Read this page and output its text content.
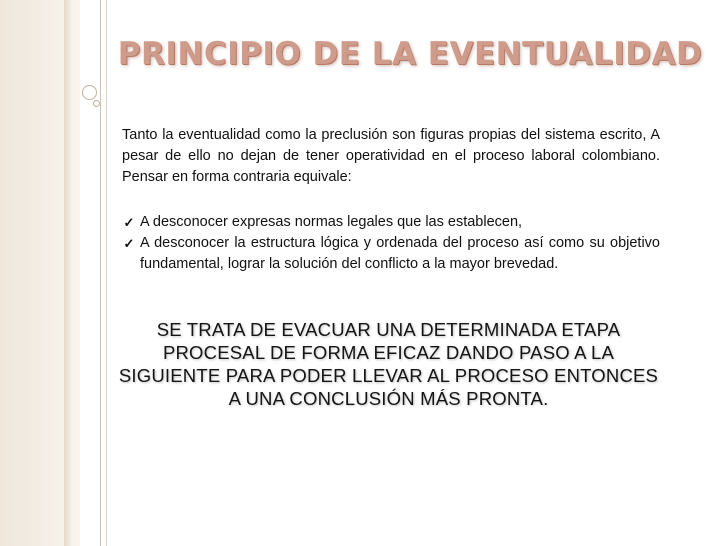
PRINCIPIO DE LA EVENTUALIDAD
Tanto la eventualidad como la preclusión son figuras propias del sistema escrito, A pesar de ello no dejan de tener operatividad en el proceso laboral colombiano. Pensar en forma contraria equivale:
✓ A desconocer expresas normas legales que las establecen,
✓ A desconocer la estructura lógica y ordenada del proceso así como su objetivo fundamental, lograr la solución del conflicto a la mayor brevedad.
SE TRATA DE EVACUAR UNA DETERMINADA ETAPA PROCESAL DE FORMA EFICAZ DANDO PASO A LA SIGUIENTE PARA PODER LLEVAR AL PROCESO ENTONCES A UNA CONCLUSIÓN MÁS PRONTA.
